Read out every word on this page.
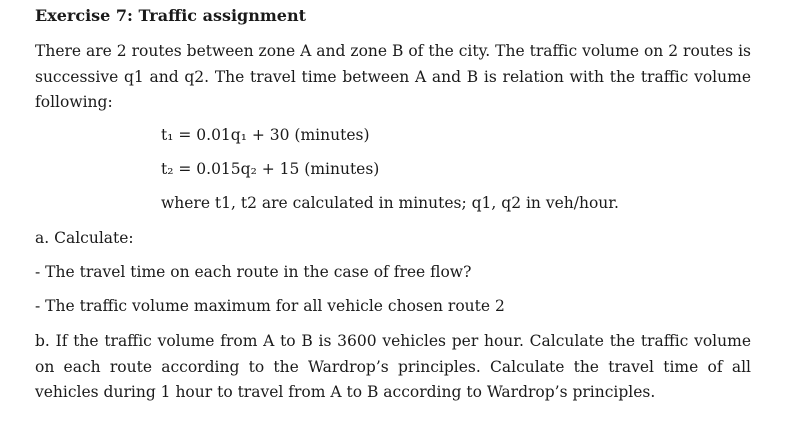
Exercise 7: Traffic assignment

There are 2 routes between zone A and zone B of the city. The traffic volume on 2 routes is successive q1 and q2. The travel time between A and B is relation with the traffic volume following:

t₁ = 0.01q₁ + 30 (minutes)
t₂ = 0.015q₂ + 15 (minutes)
where t1, t2 are calculated in minutes; q1, q2 in veh/hour.
a. Calculate:
- The travel time on each route in the case of free flow?
- The traffic volume maximum for all vehicle chosen route 2

b. If the traffic volume from A to B is 3600 vehicles per hour. Calculate the traffic volume on each route according to the Wardrop’s principles. Calculate the travel time of all vehicles during 1 hour to travel from A to B according to Wardrop’s principles.
